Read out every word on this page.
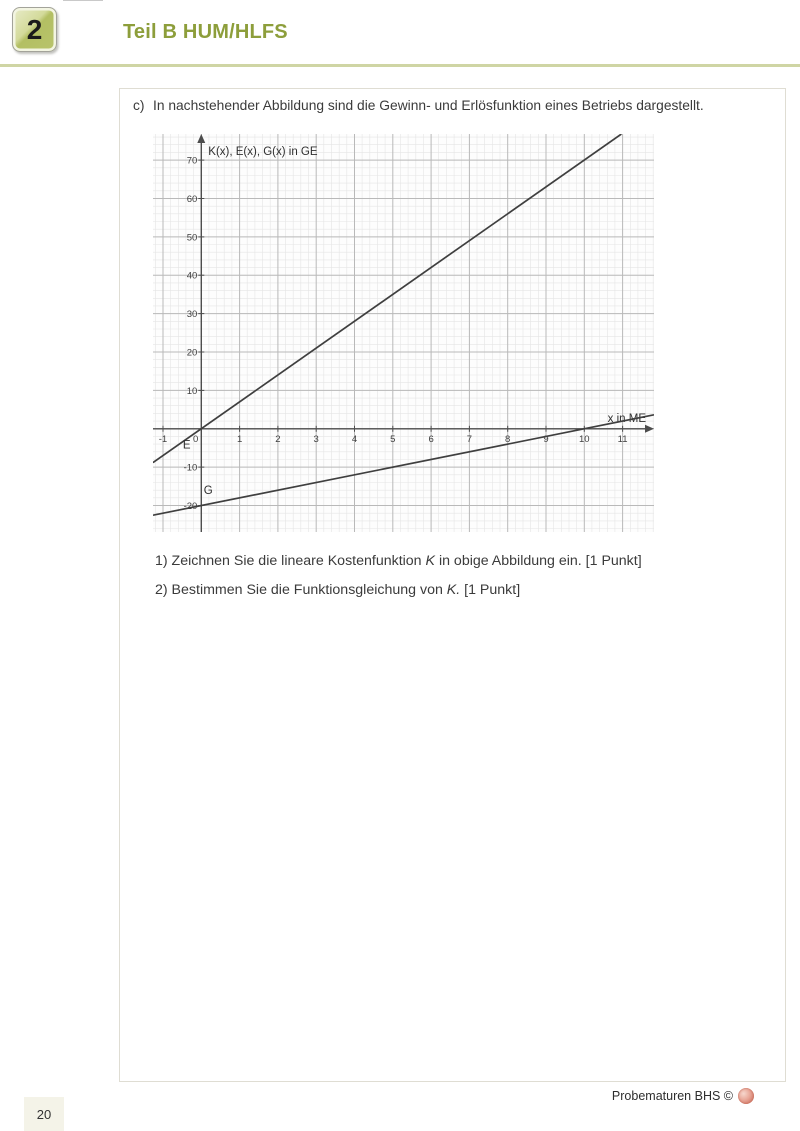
2	Teil B HUM/HLFS
c) In nachstehender Abbildung sind die Gewinn- und Erlösfunktion eines Betriebs dargestellt.
-1	0	1	2	3	4	5	6	7	8	9	10	11
-20
-10
10
20
30
40
50
60
70
K(x), E(x), G(x) in GE
x in ME
E
G
1) Zeichnen Sie die lineare Kostenfunktion K in obige Abbildung ein. [1 Punkt]
2) Bestimmen Sie die Funktionsgleichung von K. [1 Punkt]
Probematuren BHS ©
20
